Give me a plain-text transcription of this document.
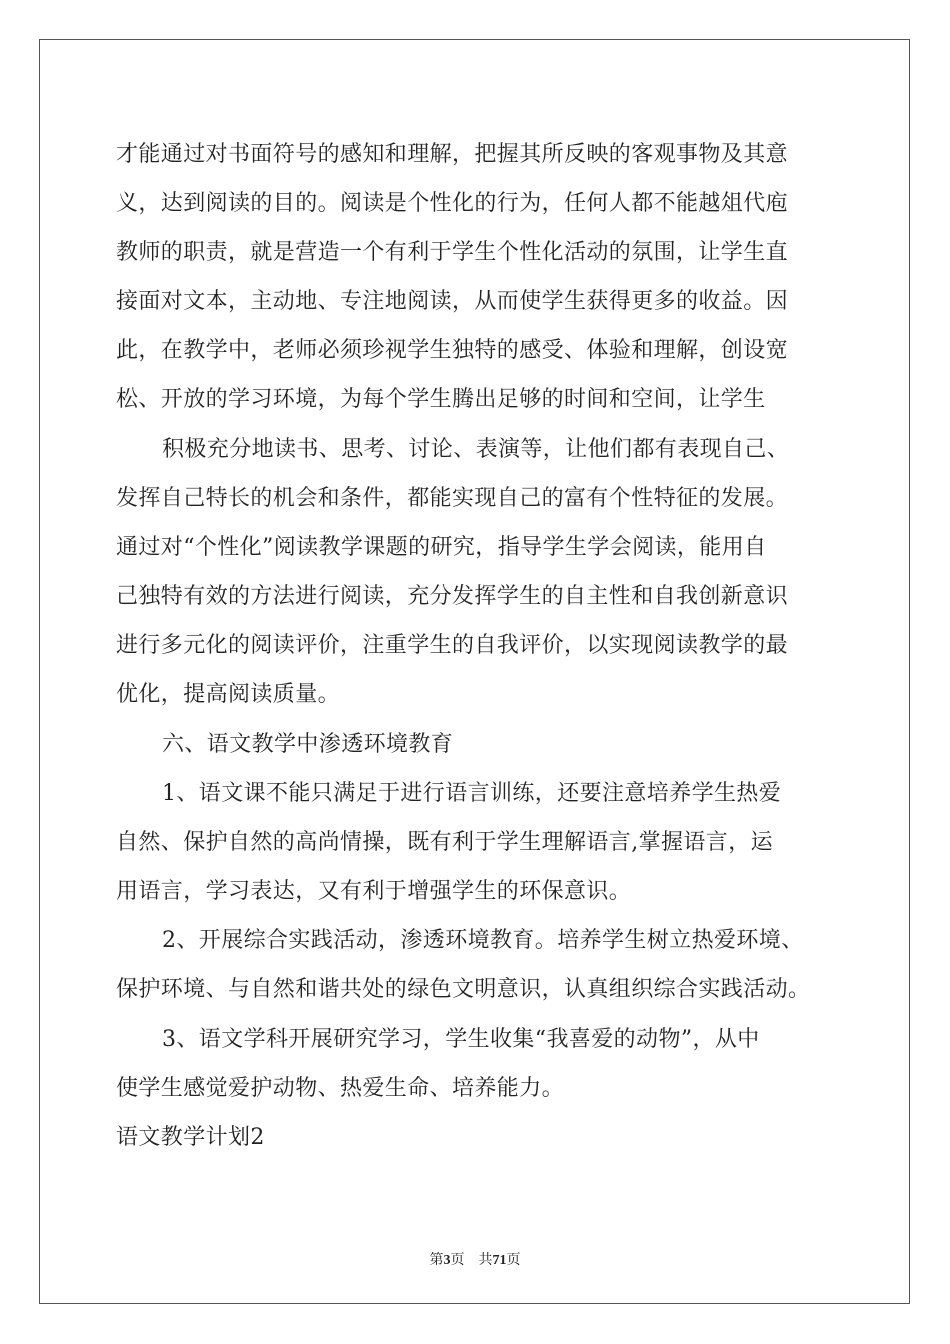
才能通过对书面符号的感知和理解，把握其所反映的客观事物及其意
义，达到阅读的目的。阅读是个性化的行为，任何人都不能越俎代庖
教师的职责，就是营造一个有利于学生个性化活动的氛围，让学生直
接面对文本，主动地、专注地阅读，从而使学生获得更多的收益。因
此，在教学中，老师必须珍视学生独特的感受、体验和理解，创设宽
松、开放的学习环境，为每个学生腾出足够的时间和空间，让学生
积极充分地读书、思考、讨论、表演等，让他们都有表现自己、
发挥自己特长的机会和条件，都能实现自己的富有个性特征的发展。
通过对“个性化”阅读教学课题的研究，指导学生学会阅读，能用自
己独特有效的方法进行阅读，充分发挥学生的自主性和自我创新意识
进行多元化的阅读评价，注重学生的自我评价，以实现阅读教学的最
优化，提高阅读质量。
六、语文教学中渗透环境教育
1、语文课不能只满足于进行语言训练，还要注意培养学生热爱
自然、保护自然的高尚情操，既有利于学生理解语言,掌握语言，运
用语言，学习表达，又有利于增强学生的环保意识。
2、开展综合实践活动，渗透环境教育。培养学生树立热爱环境、
保护环境、与自然和谐共处的绿色文明意识，认真组织综合实践活动。
3、语文学科开展研究学习，学生收集“我喜爱的动物”，从中
使学生感觉爱护动物、热爱生命、培养能力。
语文教学计划2
第3页　共71页
